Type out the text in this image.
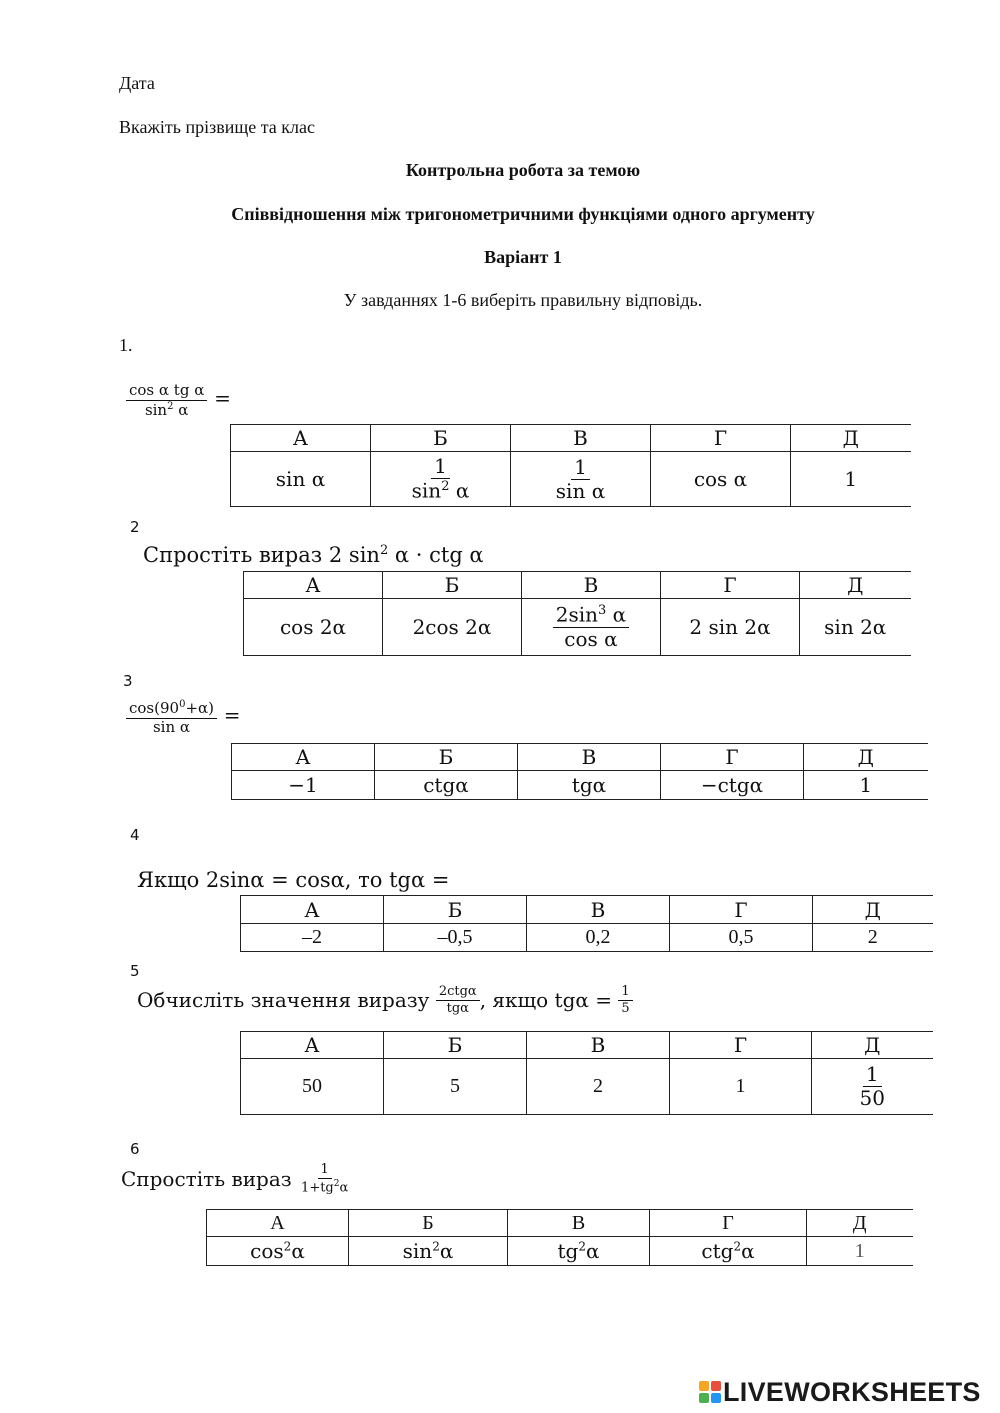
Дата
Вкажіть прізвище та клас
Контрольна робота за темою
Співвідношення між тригонометричними функціями одного аргументу
Варіант 1
У завданнях 1-6 виберіть правильну відповідь.
1.
$\frac{\text{cos α tg α}}{\sin^2 \alpha}$ =
А	Б	В	Г	Д
sin α	$\frac{1}{\sin^2 \alpha}$	$\frac{1}{\text{sin α}}$	cos α	1
2
Спростіть вираз 2 $\sin^2 \alpha$ · ctg α
А	Б	В	Г	Д
cos 2α	2cos 2α	$\frac{2\sin^3 \alpha}{\text{cos α}}$	2 sin 2α	sin 2α
3
$\frac{\cos(90^0+\alpha)}{\text{sin α}}$ =
А	Б	В	Г	Д
−1	ctgα	tgα	−ctgα	1
4
Якщо 2sinα = cosα, то tgα =
А	Б	В	Г	Д
–2	–0,5	0,2	0,5	2
5
Обчисліть значення виразу $\frac{\text{2ctgα}}{\text{tgα}}$ , якщо $tg\alpha = \frac{1}{5}$
А	Б	В	Г	Д
50	5	2	1	$\frac{1}{50}$
6
Спростіть вираз $\frac{1}{1+tg^2\alpha}$
А	Б	В	Г	Д
$\cos^2\alpha$	$\sin^2\alpha$	$tg^2\alpha$	ctg$^2$α	1
LIVEWORKSHEETS
